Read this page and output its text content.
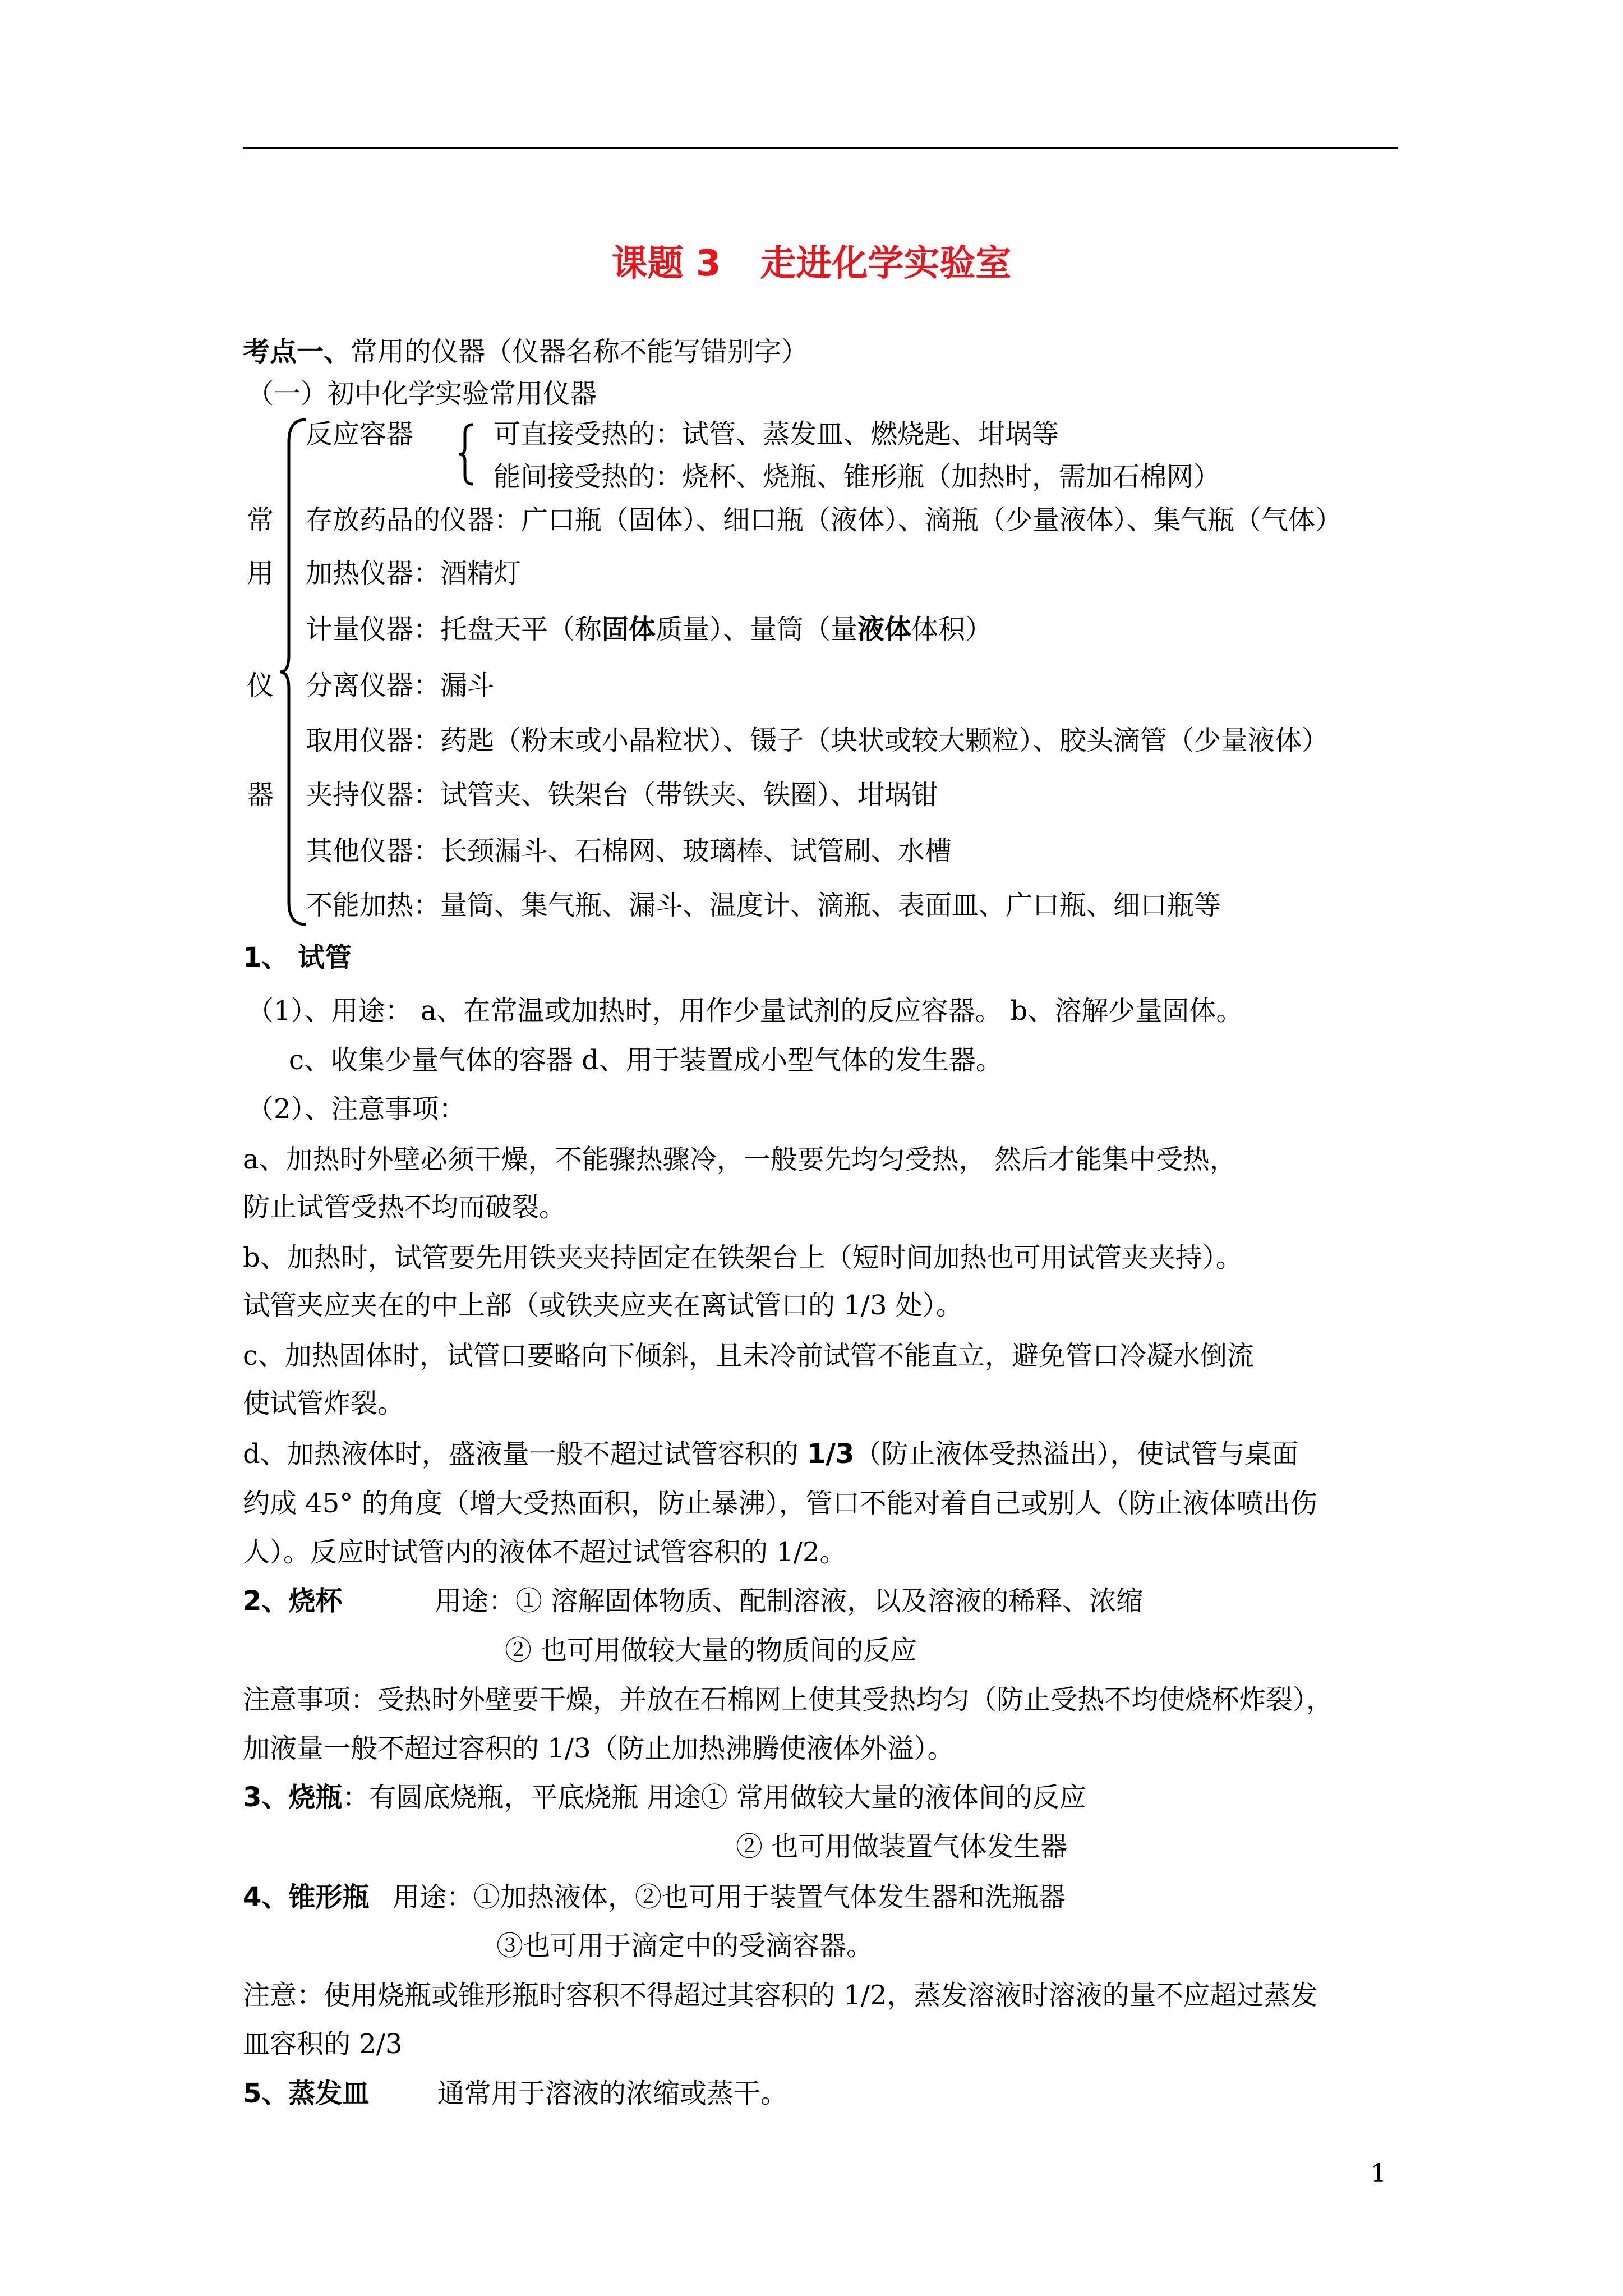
课题 3 走进化学实验室
考点一、常用的仪器（仪器名称不能写错别字）
（一）初中化学实验常用仪器
常
用
仪
器
反应容器	可直接受热的：试管、蒸发皿、燃烧匙、坩埚等
能间接受热的：烧杯、烧瓶、锥形瓶（加热时，需加石棉网）
存放药品的仪器：广口瓶（固体）、细口瓶（液体）、滴瓶（少量液体）、集气瓶（气体）
加热仪器：酒精灯
计量仪器：托盘天平（称固体质量）、量筒（量液体体积）
分离仪器：漏斗
取用仪器：药匙（粉末或小晶粒状）、镊子（块状或较大颗粒）、胶头滴管（少量液体）
夹持仪器：试管夹、铁架台（带铁夹、铁圈）、坩埚钳
其他仪器：长颈漏斗、石棉网、玻璃棒、试管刷、水槽
不能加热：量筒、集气瓶、漏斗、温度计、滴瓶、表面皿、广口瓶、细口瓶等
1、 试管
（1）、用途： a、在常温或加热时，用作少量试剂的反应容器。 b、溶解少量固体。
c、收集少量气体的容器 d、用于装置成小型气体的发生器。
（2）、注意事项：
a、加热时外壁必须干燥，不能骤热骤冷，一般要先均匀受热， 然后才能集中受热，
防止试管受热不均而破裂。
b、加热时，试管要先用铁夹夹持固定在铁架台上（短时间加热也可用试管夹夹持）。
试管夹应夹在的中上部（或铁夹应夹在离试管口的 1/3 处）。
c、加热固体时，试管口要略向下倾斜，且未冷前试管不能直立，避免管口冷凝水倒流
使试管炸裂。
d、加热液体时，盛液量一般不超过试管容积的 1/3（防止液体受热溢出），使试管与桌面
约成 45° 的角度（增大受热面积，防止暴沸），管口不能对着自己或别人（防止液体喷出伤
人）。反应时试管内的液体不超过试管容积的 1/2。
2、烧杯	用途：① 溶解固体物质、配制溶液，以及溶液的稀释、浓缩
② 也可用做较大量的物质间的反应
注意事项：受热时外壁要干燥，并放在石棉网上使其受热均匀（防止受热不均使烧杯炸裂），
加液量一般不超过容积的 1/3（防止加热沸腾使液体外溢）。
3、烧瓶：有圆底烧瓶，平底烧瓶 用途① 常用做较大量的液体间的反应
② 也可用做装置气体发生器
4、锥形瓶 用途：①加热液体，②也可用于装置气体发生器和洗瓶器
③也可用于滴定中的受滴容器。
注意：使用烧瓶或锥形瓶时容积不得超过其容积的 1/2，蒸发溶液时溶液的量不应超过蒸发
皿容积的 2/3
5、蒸发皿	通常用于溶液的浓缩或蒸干。
1
